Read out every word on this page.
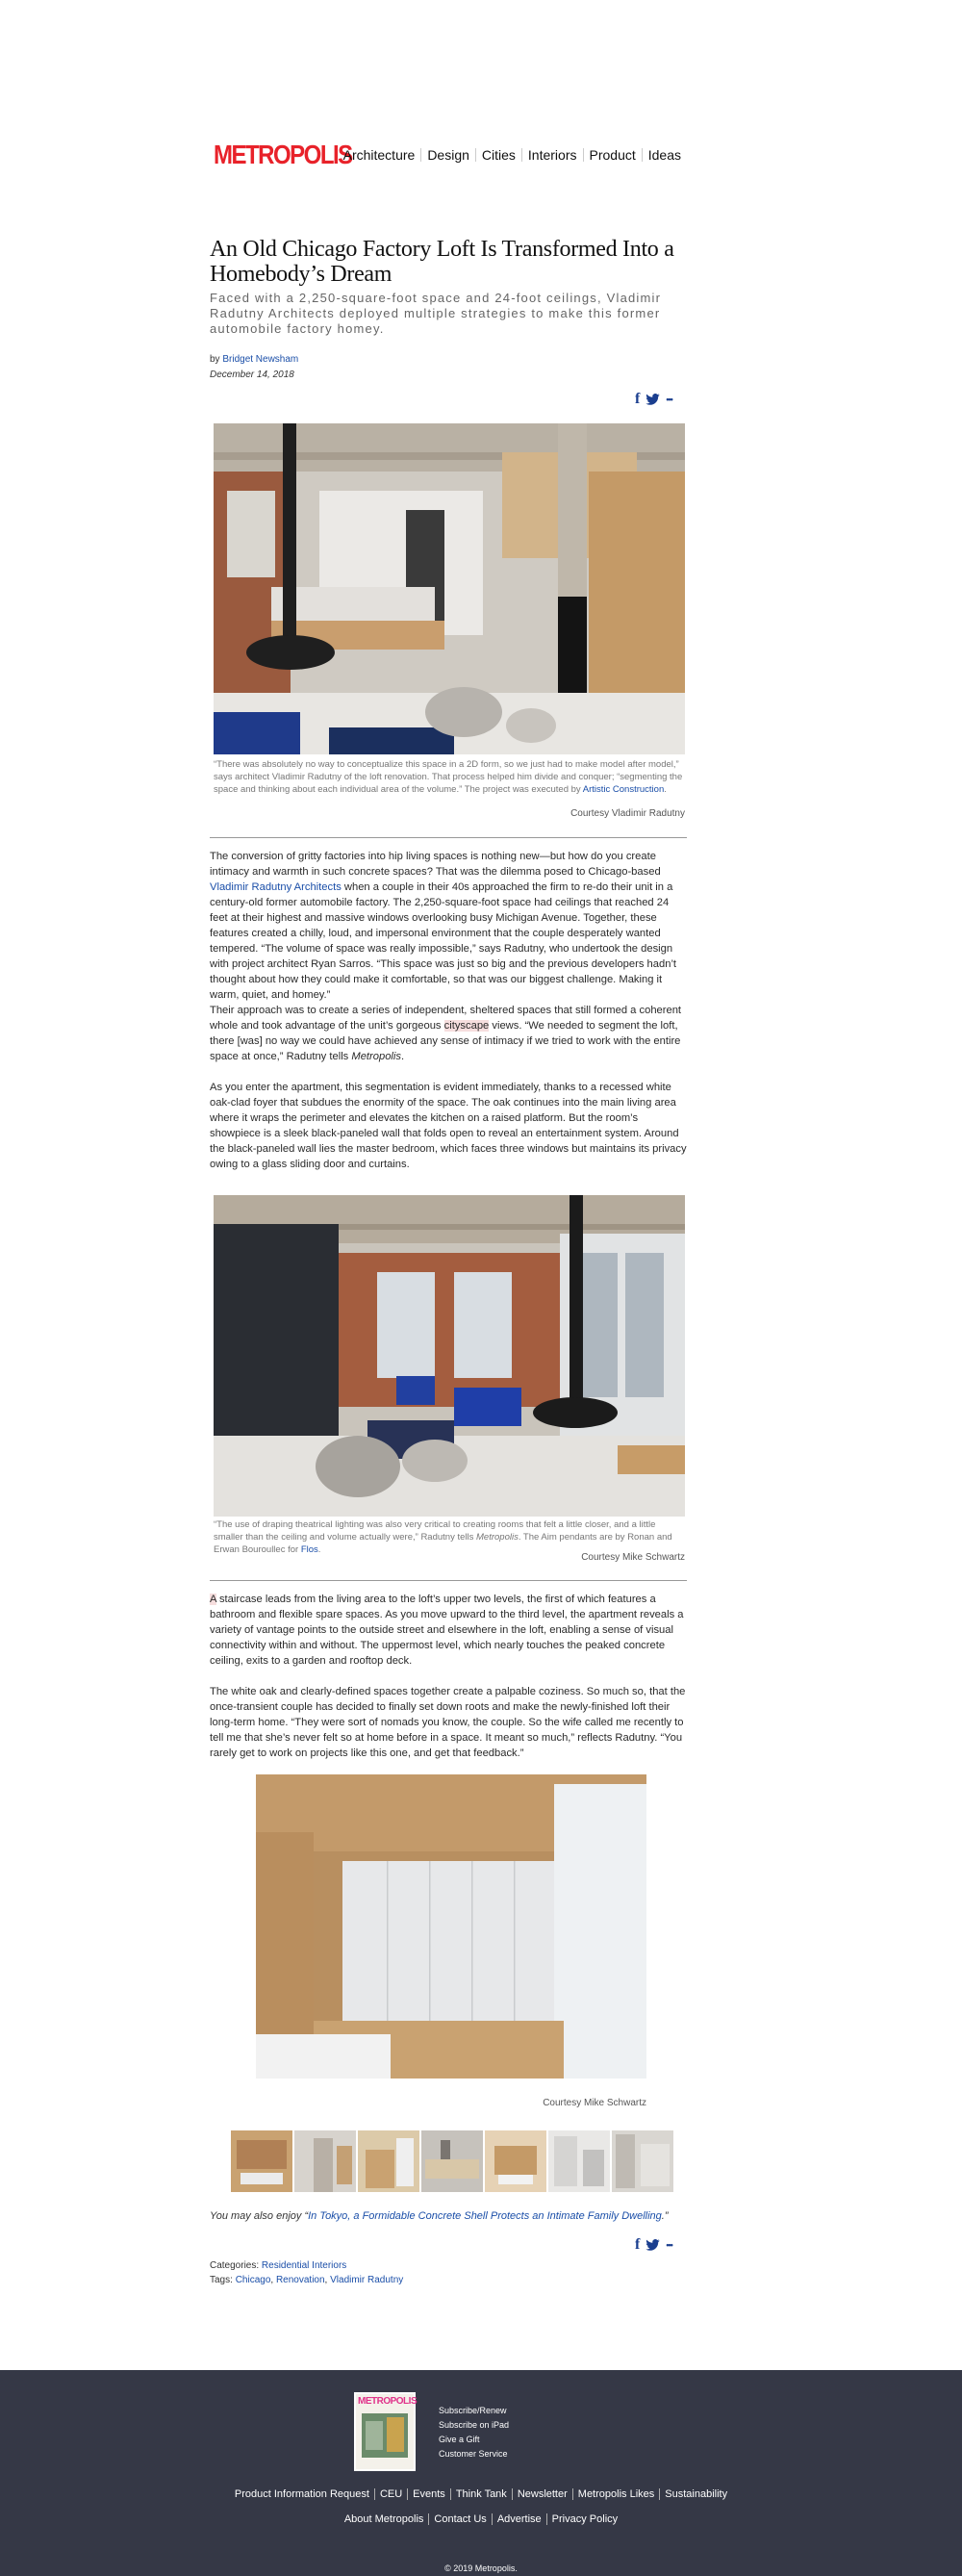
METROPOLIS
Architecture Design Cities Interiors Product Ideas
An Old Chicago Factory Loft Is Transformed Into a Homebody’s Dream

Faced with a 2,250-square-foot space and 24-foot ceilings, Vladimir Radutny Architects deployed multiple strategies to make this former automobile factory homey.

by Bridget Newsham
December 14, 2018
f	•••
“There was absolutely no way to conceptualize this space in a 2D form, so we just had to make model after model,” says architect Vladimir Radutny of the loft renovation. That process helped him divide and conquer; “segmenting the space and thinking about each individual area of the volume.” The project was executed by Artistic Construction.
Courtesy Vladimir Radutny

The conversion of gritty factories into hip living spaces is nothing new—but how do you create intimacy and warmth in such concrete spaces? That was the dilemma posed to Chicago-based Vladimir Radutny Architects when a couple in their 40s approached the firm to re-do their unit in a century-old former automobile factory. The 2,250-square-foot space had ceilings that reached 24 feet at their highest and massive windows overlooking busy Michigan Avenue. Together, these features created a chilly, loud, and impersonal environment that the couple desperately wanted tempered. “The volume of space was really impossible,” says Radutny, who undertook the design with project architect Ryan Sarros. “This space was just so big and the previous developers hadn’t thought about how they could make it comfortable, so that was our biggest challenge. Making it warm, quiet, and homey.”

Their approach was to create a series of independent, sheltered spaces that still formed a coherent whole and took advantage of the unit’s gorgeous cityscape views. “We needed to segment the loft, there [was] no way we could have achieved any sense of intimacy if we tried to work with the entire space at once,” Radutny tells Metropolis.

As you enter the apartment, this segmentation is evident immediately, thanks to a recessed white oak-clad foyer that subdues the enormity of the space. The oak continues into the main living area where it wraps the perimeter and elevates the kitchen on a raised platform. But the room’s showpiece is a sleek black-paneled wall that folds open to reveal an entertainment system. Around the black-paneled wall lies the master bedroom, which faces three windows but maintains its privacy owing to a glass sliding door and curtains.

“The use of draping theatrical lighting was also very critical to creating rooms that felt a little closer, and a little smaller than the ceiling and volume actually were,” Radutny tells Metropolis. The Aim pendants are by Ronan and Erwan Bouroullec for Flos.
Courtesy Mike Schwartz

A staircase leads from the living area to the loft’s upper two levels, the first of which features a bathroom and flexible spare spaces. As you move upward to the third level, the apartment reveals a variety of vantage points to the outside street and elsewhere in the loft, enabling a sense of visual connectivity within and without. The uppermost level, which nearly touches the peaked concrete ceiling, exits to a garden and rooftop deck.

The white oak and clearly-defined spaces together create a palpable coziness. So much so, that the once-transient couple has decided to finally set down roots and make the newly-finished loft their long-term home. “They were sort of nomads you know, the couple. So the wife called me recently to tell me that she’s never felt so at home before in a space. It meant so much,” reflects Radutny. “You rarely get to work on projects like this one, and get that feedback.”

Courtesy Mike Schwartz
You may also enjoy “In Tokyo, a Formidable Concrete Shell Protects an Intimate Family Dwelling.”
f	•••
Categories: Residential Interiors
Tags: Chicago, Renovation, Vladimir Radutny
METROPOLIS
Subscribe/Renew
Subscribe on iPad
Give a Gift
Customer Service
Product Information Request CEU Events Think Tank Newsletter Metropolis Likes Sustainability
About Metropolis Contact Us Advertise Privacy Policy
© 2019 Metropolis.
